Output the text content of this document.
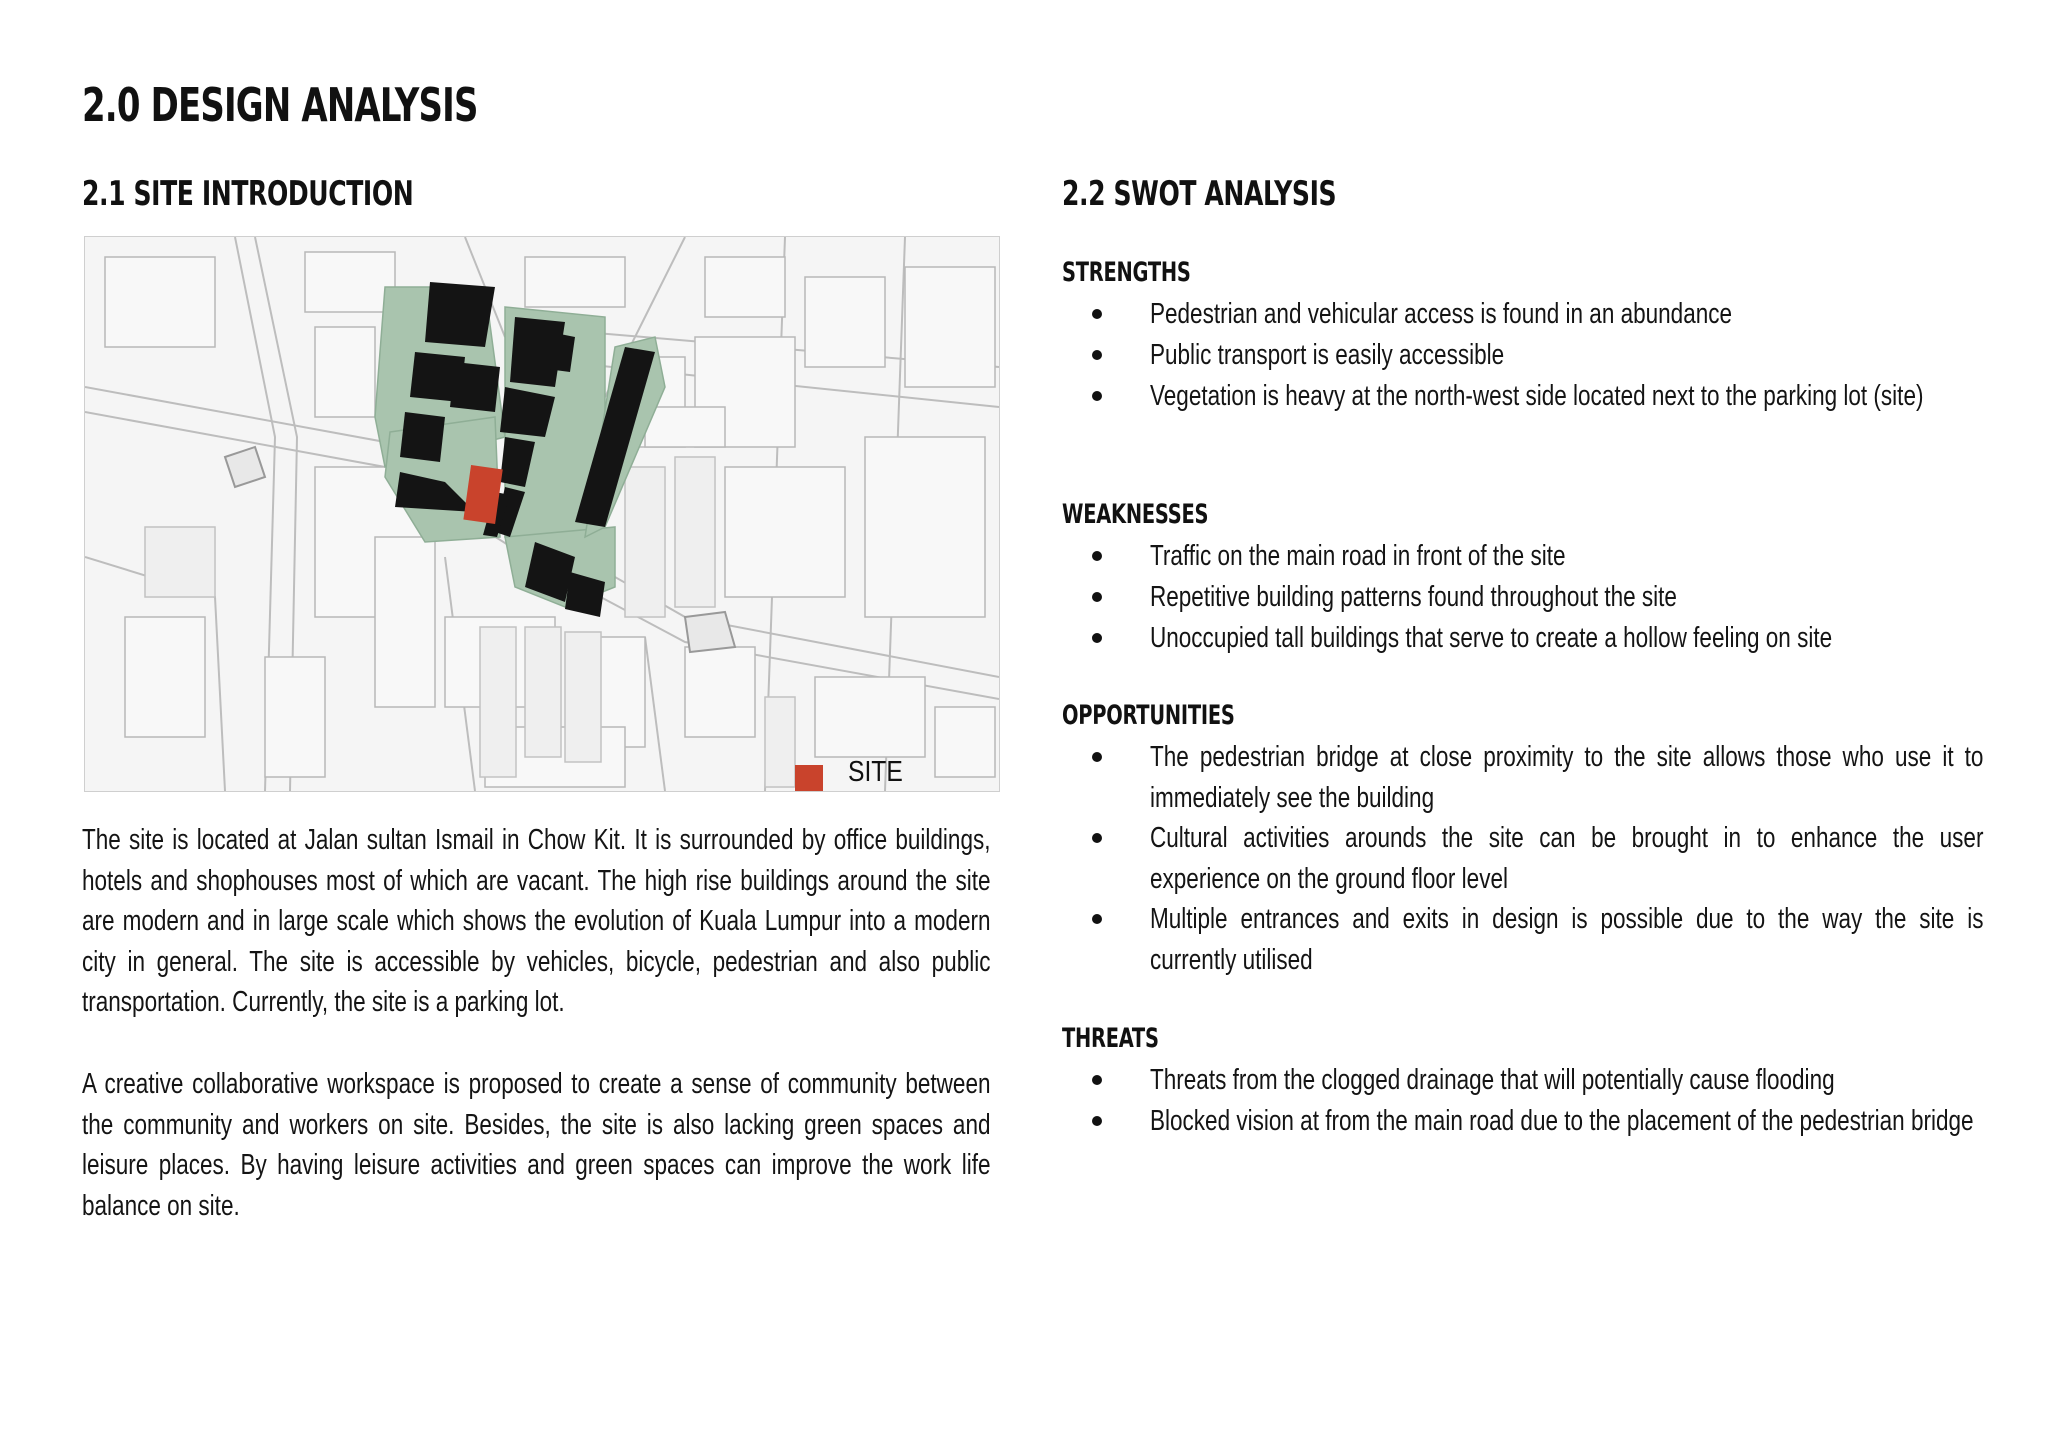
2.0 DESIGN ANALYSIS
2.1 SITE INTRODUCTION
SITE

The site is located at Jalan sultan Ismail in Chow Kit. It is surrounded by office buildings, hotels and shophouses most of which are vacant. The high rise buildings around the site are modern and in large scale which shows the evolution of Kuala Lumpur into a modern city in general. The site is accessible by vehicles, bicycle, pedestrian and also public transportation. Currently, the site is a parking lot.

A creative collaborative workspace is proposed to create a sense of community between the community and workers on site. Besides, the site is also lacking green spaces and leisure places. By having leisure activities and green spaces can improve the work life balance on site.

2.2 SWOT ANALYSIS
STRENGTHS
Pedestrian and vehicular access is found in an abundance
Public transport is easily accessible
Vegetation is heavy at the north-west side located next to the parking lot (site)
WEAKNESSES
Traffic on the main road in front of the site
Repetitive building patterns found throughout the site
Unoccupied tall buildings that serve to create a hollow feeling on site
OPPORTUNITIES
The pedestrian bridge at close proximity to the site allows those who use it to immediately see the building
Cultural activities arounds the site can be brought in to enhance the user experience on the ground floor level
Multiple entrances and exits in design is possible due to the way the site is currently utilised
THREATS
Threats from the clogged drainage that will potentially cause flooding
Blocked vision at from the main road due to the placement of the pedestrian bridge
